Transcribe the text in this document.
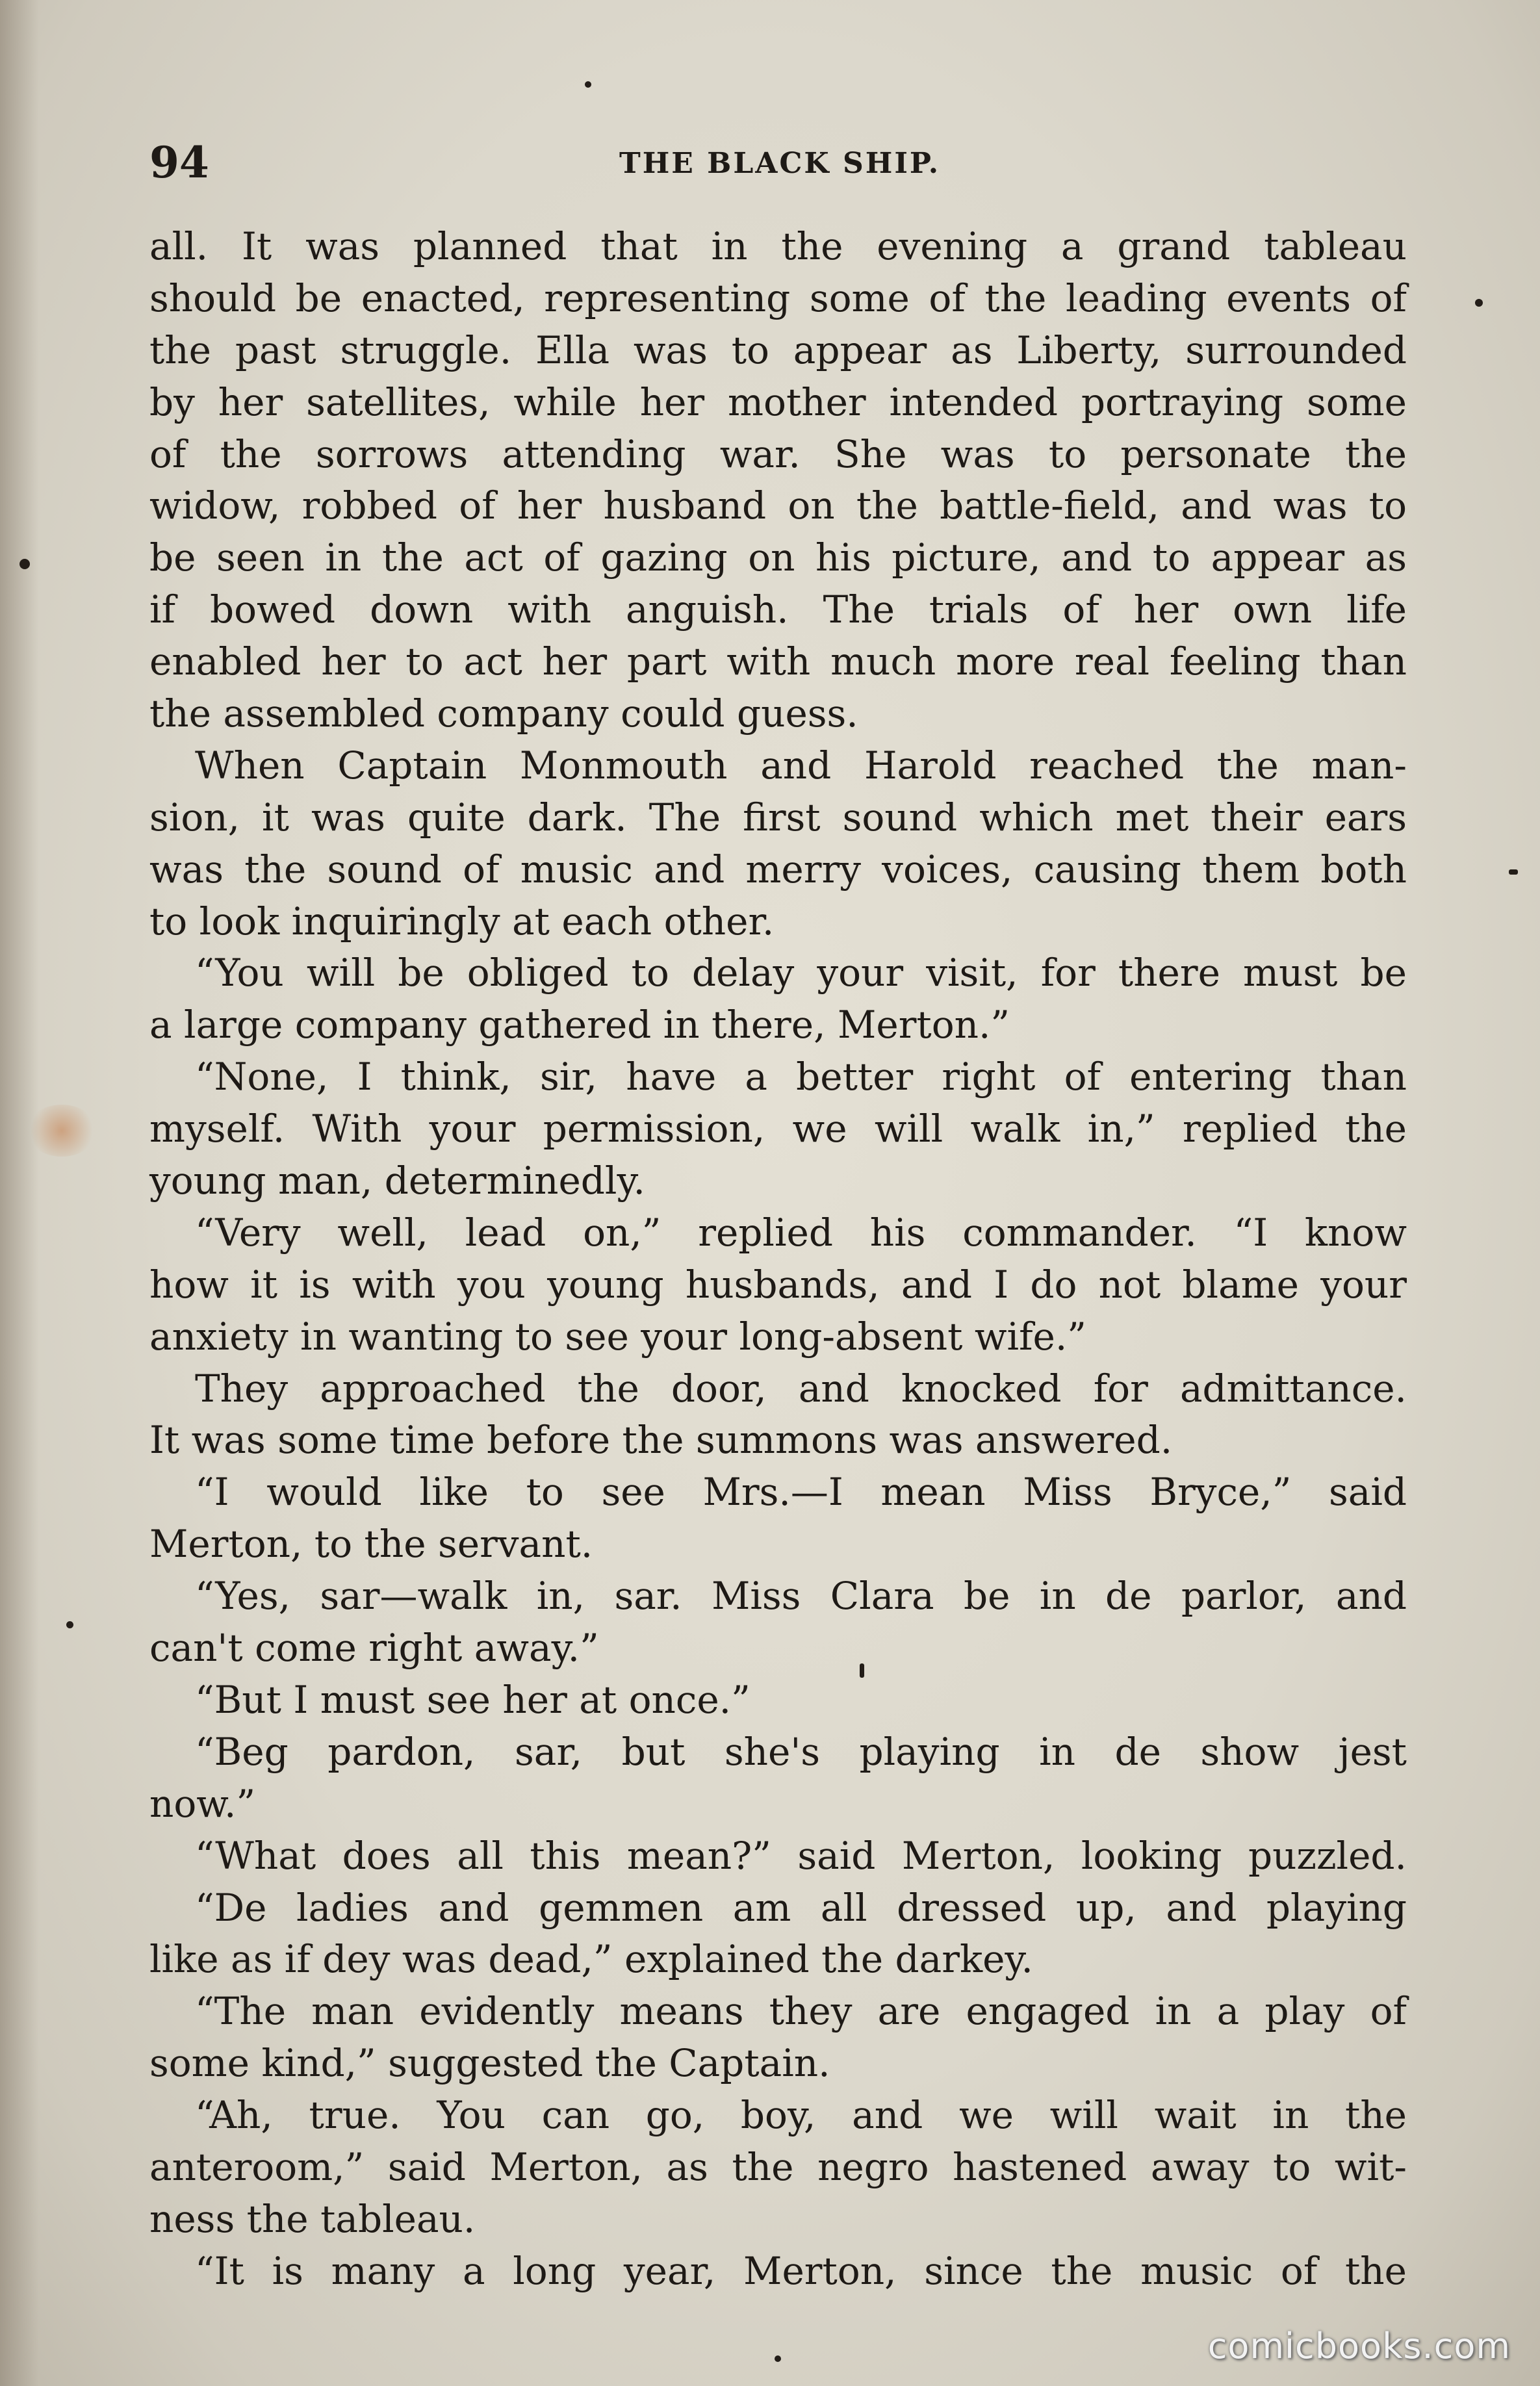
94	THE BLACK SHIP.
all. It was planned that in the evening a grand tableau
should be enacted, representing some of the leading events of
the past struggle. Ella was to appear as Liberty, surrounded
by her satellites, while her mother intended portraying some
of the sorrows attending war. She was to personate the
widow, robbed of her husband on the battle-field, and was to
be seen in the act of gazing on his picture, and to appear as
if bowed down with anguish. The trials of her own life
enabled her to act her part with much more real feeling than
the assembled company could guess.
When Captain Monmouth and Harold reached the man-
sion, it was quite dark. The first sound which met their ears
was the sound of music and merry voices, causing them both
to look inquiringly at each other.
“You will be obliged to delay your visit, for there must be
a large company gathered in there, Merton.”
“None, I think, sir, have a better right of entering than
myself. With your permission, we will walk in,” replied the
young man, determinedly.
“Very well, lead on,” replied his commander. “I know
how it is with you young husbands, and I do not blame your
anxiety in wanting to see your long-absent wife.”
They approached the door, and knocked for admittance.
It was some time before the summons was answered.
“I would like to see Mrs.—I mean Miss Bryce,” said
Merton, to the servant.
“Yes, sar—walk in, sar. Miss Clara be in de parlor, and
can't come right away.”
“But I must see her at once.”
“Beg pardon, sar, but she's playing in de show jest
now.”
“What does all this mean?” said Merton, looking puzzled.
“De ladies and gemmen am all dressed up, and playing
like as if dey was dead,” explained the darkey.
“The man evidently means they are engaged in a play of
some kind,” suggested the Captain.
“Ah, true. You can go, boy, and we will wait in the
anteroom,” said Merton, as the negro hastened away to wit-
ness the tableau.
“It is many a long year, Merton, since the music of the
comicbooks.com
